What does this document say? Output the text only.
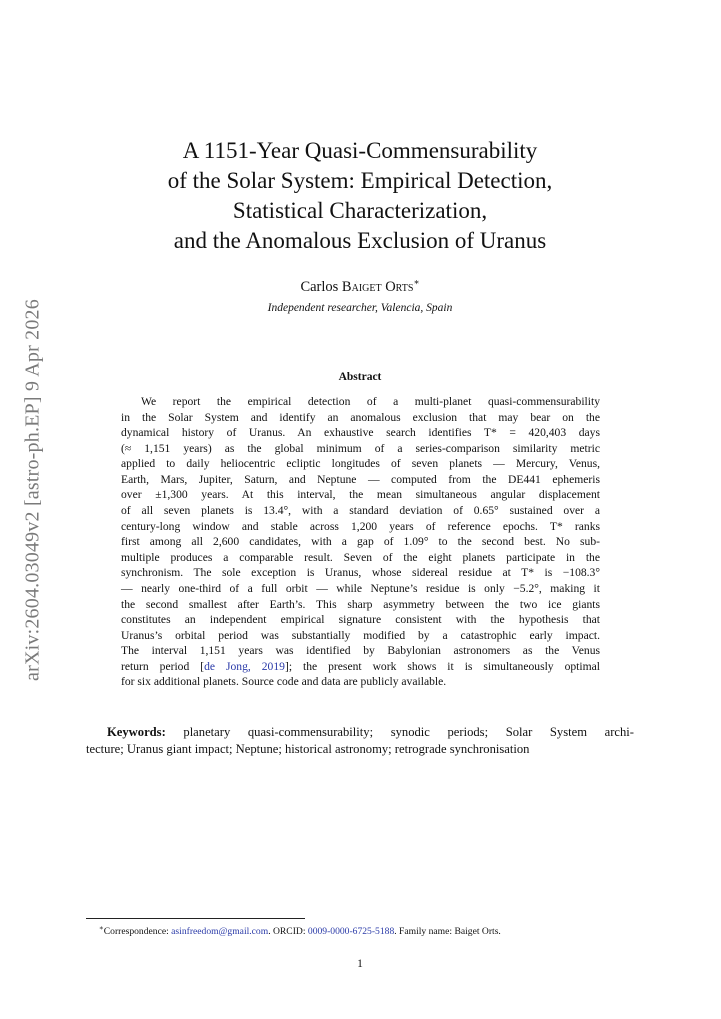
arXiv:2604.03049v2 [astro-ph.EP] 9 Apr 2026
A 1151-Year Quasi-Commensurability
of the Solar System: Empirical Detection,
Statistical Characterization,
and the Anomalous Exclusion of Uranus
Carlos Baiget Orts∗
Independent researcher, Valencia, Spain
Abstract
We report the empirical detection of a multi-planet quasi-commensurability
in the Solar System and identify an anomalous exclusion that may bear on the
dynamical history of Uranus. An exhaustive search identifies T* = 420,403 days
(≈ 1,151 years) as the global minimum of a series-comparison similarity metric
applied to daily heliocentric ecliptic longitudes of seven planets — Mercury, Venus,
Earth, Mars, Jupiter, Saturn, and Neptune — computed from the DE441 ephemeris
over ±1,300 years. At this interval, the mean simultaneous angular displacement
of all seven planets is 13.4°, with a standard deviation of 0.65° sustained over a
century-long window and stable across 1,200 years of reference epochs. T* ranks
first among all 2,600 candidates, with a gap of 1.09° to the second best. No sub-
multiple produces a comparable result. Seven of the eight planets participate in the
synchronism. The sole exception is Uranus, whose sidereal residue at T* is −108.3°
— nearly one-third of a full orbit — while Neptune’s residue is only −5.2°, making it
the second smallest after Earth’s. This sharp asymmetry between the two ice giants
constitutes an independent empirical signature consistent with the hypothesis that
Uranus’s orbital period was substantially modified by a catastrophic early impact.
The interval 1,151 years was identified by Babylonian astronomers as the Venus
return period [de Jong, 2019]; the present work shows it is simultaneously optimal
for six additional planets. Source code and data are publicly available.
Keywords: planetary quasi-commensurability; synodic periods; Solar System archi-
tecture; Uranus giant impact; Neptune; historical astronomy; retrograde synchronisation
∗Correspondence: asinfreedom@gmail.com. ORCID: 0009-0000-6725-5188. Family name: Baiget Orts.
1
